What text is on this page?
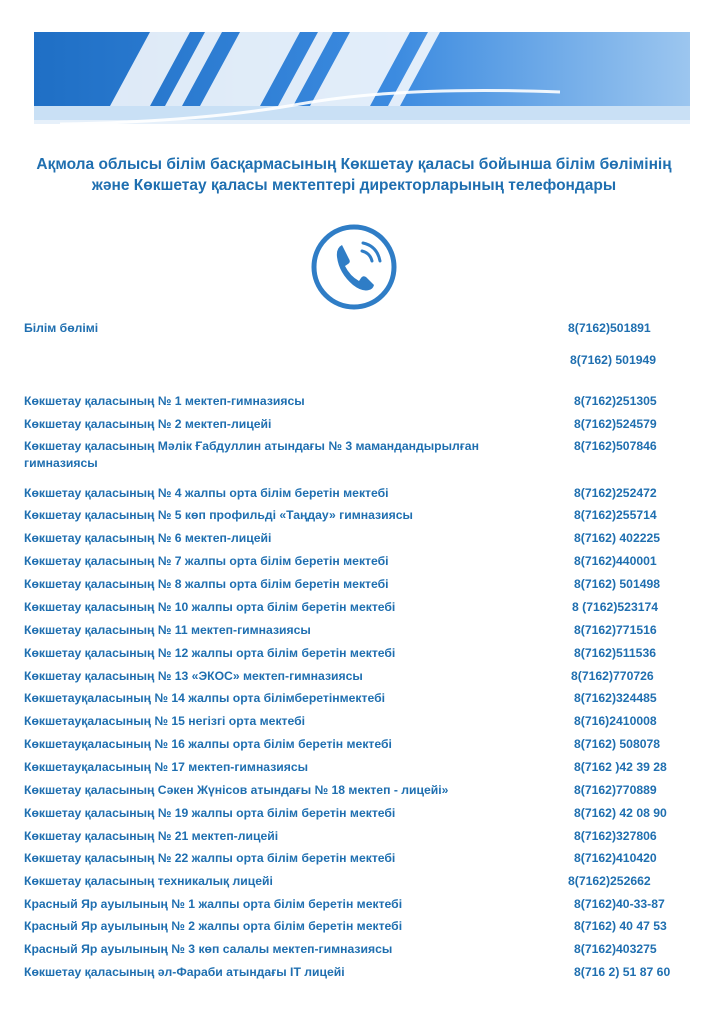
Ақмола облысы білім басқармасының Көкшетау қаласы бойынша білім бөлімінің
және Көкшетау қаласы мектептері директорларының телефондары
Білім бөлімі	8(7162)501891
8(7162) 501949
Көкшетау қаласының № 1 мектеп-гимназиясы	8(7162)251305
Көкшетау қаласының № 2 мектеп-лицейі	8(7162)524579
Көкшетау қаласының Мәлік Ғабдуллин атындағы № 3 мамандандырылған гимназиясы
8(7162)507846
Көкшетау қаласының № 4 жалпы орта білім беретін мектебі	8(7162)252472
Көкшетау қаласының № 5 көп профильді «Таңдау» гимназиясы	8(7162)255714
Көкшетау қаласының № 6 мектеп-лицейі	8(7162) 402225
Көкшетау қаласының № 7 жалпы орта білім беретін мектебі	8(7162)440001
Көкшетау қаласының № 8 жалпы орта білім беретін мектебі	8(7162) 501498
Көкшетау қаласының № 10 жалпы орта білім беретін мектебі	8 (7162)523174
Көкшетау қаласының № 11 мектеп-гимназиясы	8(7162)771516
Көкшетау қаласының № 12 жалпы орта білім беретін мектебі	8(7162)511536
Көкшетау қаласының № 13 «ЭКОС» мектеп-гимназиясы	8(7162)770726
Көкшетауқаласының № 14 жалпы орта білімберетінмектебі	8(7162)324485
Көкшетауқаласының № 15 негізгі орта мектебі	8(716)2410008
Көкшетауқаласының № 16 жалпы орта білім беретін мектебі	8(7162) 508078
Көкшетауқаласының № 17 мектеп-гимназиясы	8(7162 )42 39 28
Көкшетау қаласының Сәкен Жүнісов атындағы № 18 мектеп - лицейі»	8(7162)770889
Көкшетау қаласының № 19 жалпы орта білім беретін мектебі	8(7162) 42 08 90
Көкшетау қаласының № 21 мектеп-лицейі	8(7162)327806
Көкшетау қаласының № 22 жалпы орта білім беретін мектебі	8(7162)410420
Көкшетау қаласының техникалық лицейі	8(7162)252662
Красный Яр ауылының № 1 жалпы орта білім беретін мектебі	8(7162)40-33-87
Красный Яр ауылының № 2 жалпы орта білім беретін мектебі	8(7162) 40 47 53
Красный Яр ауылының № 3 көп салалы мектеп-гимназиясы	8(7162)403275
Көкшетау қаласының әл-Фараби атындағы IT лицейі	8(716 2) 51 87 60
